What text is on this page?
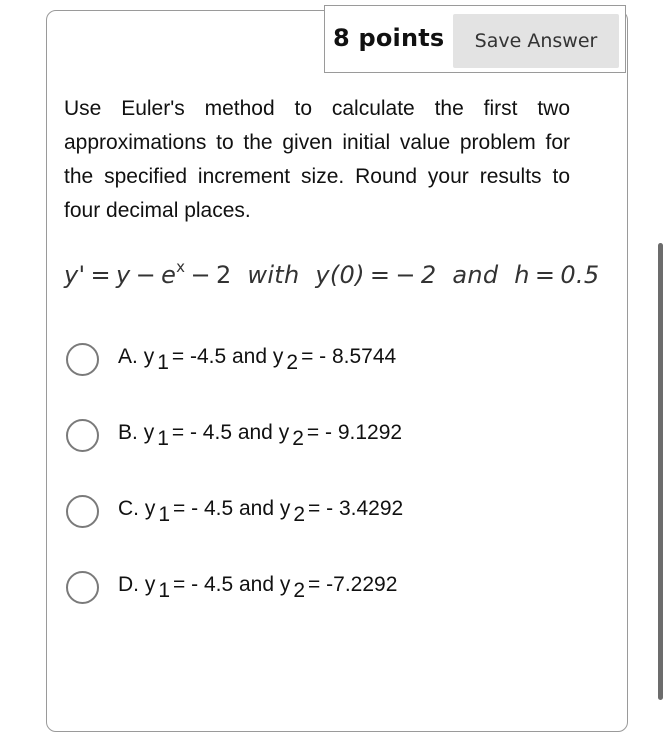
8 points	Save Answer
Use Euler's method to calculate the first two approximations to the given initial value problem for the specified increment size. Round your results to four decimal places.
$y' = y - e^x - 2$ with y(0) = − 2 and h = 0.5
A. y $_1$ = -4.5 and y $_2$ = - 8.5744
B. y $_1$ = - 4.5 and y $_2$ = - 9.1292
C. y $_1$ = - 4.5 and y $_2$ = - 3.4292
D. y $_1$ = - 4.5 and y $_2$ = -7.2292
